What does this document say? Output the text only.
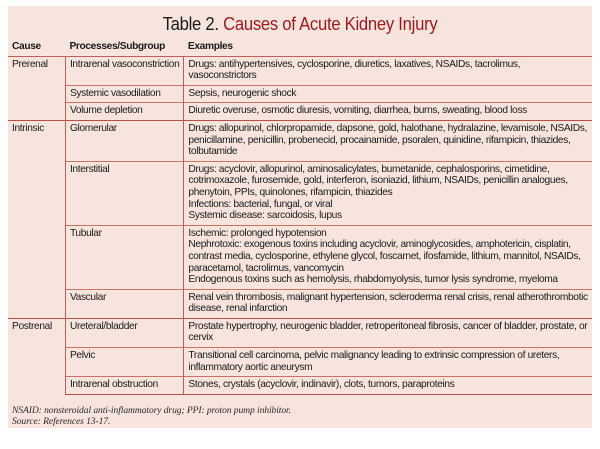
Table 2. Causes of Acute Kidney Injury
Cause	Processes/Subgroup	Examples
Prerenal	Intrarenal vasoconstriction	Drugs: antihypertensives, cyclosporine, diuretics, laxatives, NSAIDs, tacrolimus, vasoconstrictors

	Systemic vasodilation	Sepsis, neurogenic shock

	Volume depletion	Diuretic overuse, osmotic diuresis, vomiting, diarrhea, burns, sweating, blood loss

Intrinsic	Glomerular	Drugs: allopurinol, chlorpropamide, dapsone, gold, halothane, hydralazine, levamisole, NSAIDs, penicillamine, penicillin, probenecid, procainamide, psoralen, quinidine, rifampicin, thiazides, tolbutamide

	Interstitial	Drugs: acyclovir, allopurinol, aminosalicylates, bumetanide, cephalosporins, cimetidine, cotrimoxazole, furosemide, gold, interferon, isoniazid, lithium, NSAIDs, penicillin analogues, phenytoin, PPIs, quinolones, rifampicin, thiazides
Infections: bacterial, fungal, or viral
Systemic disease: sarcoidosis, lupus

	Tubular	Ischemic: prolonged hypotension
Nephrotoxic: exogenous toxins including acyclovir, aminoglycosides, amphotericin, cisplatin, contrast media, cyclosporine, ethylene glycol, foscarnet, ifosfamide, lithium, mannitol, NSAIDs, paracetamol, tacrolimus, vancomycin
Endogenous toxins such as hemolysis, rhabdomyolysis, tumor lysis syndrome, myeloma

	Vascular	Renal vein thrombosis, malignant hypertension, scleroderma renal crisis, renal atherothrombotic disease, renal infarction

Postrenal	Ureteral/bladder	Prostate hypertrophy, neurogenic bladder, retroperitoneal fibrosis, cancer of bladder, prostate, or cervix

	Pelvic	Transitional cell carcinoma, pelvic malignancy leading to extrinsic compression of ureters, inflammatory aortic aneurysm

	Intrarenal obstruction	Stones, crystals (acyclovir, indinavir), clots, tumors, paraproteins
NSAID: nonsteroidal anti-inflammatory drug; PPI: proton pump inhibitor.
Source: References 13-17.
